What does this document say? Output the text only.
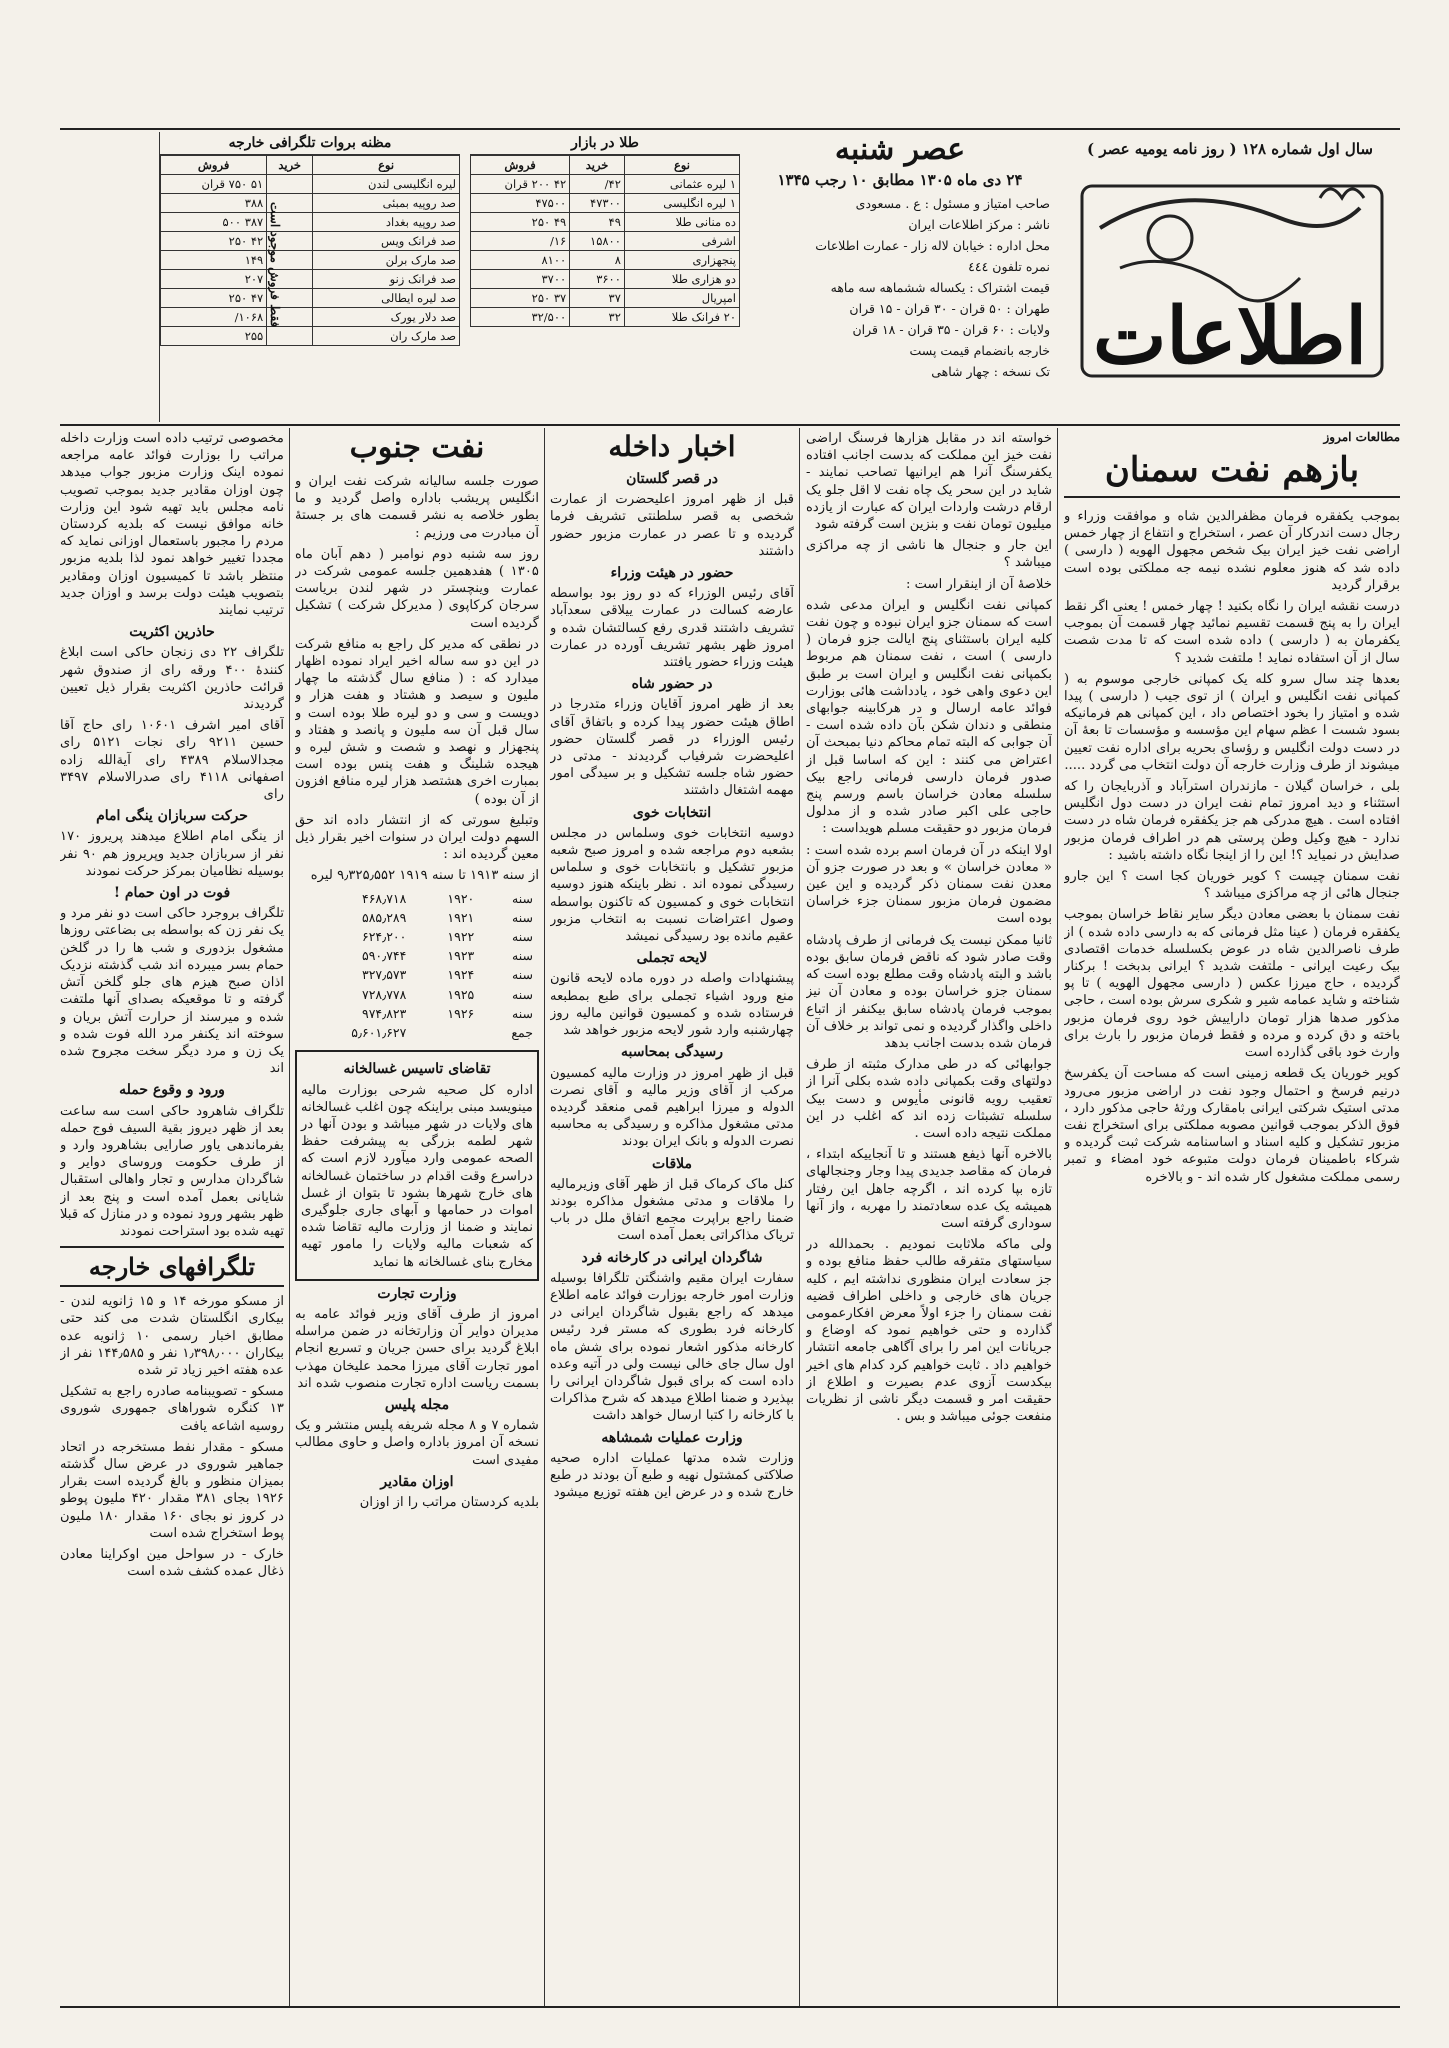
سال اول شماره ۱۲۸ ( روز نامه یومیه عصر )
اطلاعات
عصر شنبه
۲۴ دی ماه ۱۳۰۵ مطابق ۱۰ رجب ۱۳۴۵
صاحب امتیاز و مسئول : ع . مسعودی
ناشر : مرکز اطلاعات ایران
محل اداره : خیابان لاله زار - عمارت اطلاعات
نمره تلفون ٤٤٤
قیمت اشتراک : یکساله ششماهه سه ماهه
طهران : ۵۰ قران - ۳۰ قران - ۱۵ قران
ولایات : ۶۰ قران - ۳۵ قران - ۱۸ قران
خارجه بانضمام قیمت پست
تک نسخه : چهار شاهی
طلا در بازار
نوع	خرید	فروش
۱ لیره عثمانی	۴۲/	۴۲ ۲۰۰ قران
۱ لیره انگلیسی	۴۷۳۰۰	۴۷۵۰۰
ده منانی طلا	۴۹	۴۹ ۲۵۰
اشرفی	۱۵۸۰۰	۱۶/
پنجهزاری	۸	۸۱۰۰
دو هزاری طلا	۳۶۰۰	۳۷۰۰
امپریال	۳۷	۳۷ ۲۵۰
۲۰ فرانک طلا	۳۲	۳۲/۵۰۰
مظنه بروات تلگرافی خارجه
نوع	خرید	فروش
لیره انگلیسی لندن		۵۱ ۷۵۰ قران
صد روپیه بمبئی		۳۸۸
صد روپیه بغداد		۳۸۷ ۵۰۰
صد فرانک ویس		۴۲ ۲۵۰
صد مارک برلن		۱۴۹
صد فرانک زنو		۲۰۷
صد لیره ایطالی		۴۷ ۲۵۰
صد دلار یورک		۱۰۶۸/
صد مارک ران		۲۵۵
فقط فروش موجود است
مطالعات امروز
بازهم نفت سمنان

بموجب یکفقره فرمان مظفرالدین شاه و موافقت وزراء و رجال دست اندرکار آن عصر ، استخراج و انتفاع از چهار خمس اراضی نفت خیز ایران بیک شخص مجهول الهویه ( دارسی ) داده شد که هنوز معلوم نشده نیمه جه مملکتی بوده است برقرار گردید

درست نقشه ایران را نگاه بکنید ! چهار خمس ! یعنی اگر نقط ایران را به پنج قسمت تقسیم نمائید چهار قسمت آن بموجب یکفرمان به ( دارسی ) داده شده است که تا مدت شصت سال از آن استفاده نماید ! ملتفت شدید ؟

بعدها چند سال سرو کله یک کمپانی خارجی موسوم به ( کمپانی نفت انگلیس و ایران ) از توی جیب ( دارسی ) پیدا شده و امتیاز را بخود اختصاص داد ، این کمپانی هم فرمانیکه بسود شست ا عظم سهام این مؤسسه و مؤسسات تا بعهٔ آن در دست دولت انگلیس و رؤسای بحریه برای اداره نفت تعیین میشوند از طرف وزارت خارجه آن دولت انتخاب می گردد .....

بلی ، خراسان گیلان - مازندران استرآباد و آذربایجان را که استثناء و دید امروز تمام نفت ایران در دست دول انگلیس افتاده است . هیچ مدرکی هم جز یکفقره فرمان شاه در دست ندارد - هیچ وکیل وطن پرستی هم در اطراف فرمان مزبور صدایش در نمیاید ؟! این را از اینجا نگاه داشته باشید :

نفت سمنان چیست ؟ کویر خوریان کجا است ؟ این جارو جنجال هائی از چه مراکزی میباشد ؟

نفت سمنان با بعضی معادن دیگر سایر نقاط خراسان بموجب یکفقره فرمان ( عینا مثل فرمانی که به دارسی داده شده ) از طرف ناصرالدین شاه در عوض بکسلسله خدمات اقتصادی بیک رعیت ایرانی - ملتفت شدید ؟ ایرانی بدبخت ! برکنار گردیده ، حاج میرزا عکس ( دارسی مجهول الهویه ) تا پو شناخته و شاید عمامه شیر و شکری سرش بوده است ، حاجی مذکور صدها هزار تومان داراییش خود روی فرمان مزبور باخته و دق کرده و مرده و فقط فرمان مزبور را بارث برای وارث خود باقی گذارده است

کویر خوریان یک قطعه زمینی است که مساحت آن یکفرسخ درنیم فرسخ و احتمال وجود نفت در اراضی مزبور می‌رود مدتی استیک شرکتی ایرانی بامقارک ورثهٔ حاجی مذکور دارد ، فوق الذکر بموجب قوانین مصوبه مملکتی برای استخراج نفت مزبور تشکیل و کلیه اسناد و اساسنامه شرکت ثبت گردیده و شرکاء باطمینان فرمان دولت متبوعه خود امضاء و تمبر رسمی مملکت مشغول کار شده اند - و بالاخره

خواسته اند در مقابل هزارها فرسنگ اراضی نفت خیز این مملکت که بدست اجانب افتاده یکفرسنگ آنرا هم ایرانیها تصاحب نمایند - شاید در این سحر یک چاه نفت لا اقل جلو یک ارقام درشت واردات ایران که عبارت از یازده میلیون تومان نفت و بنزین است گرفته شود

این جار و جنجال ها ناشی از چه مراکزی میباشد ؟

خلاصهٔ آن از اینقرار است :

کمپانی نفت انگلیس و ایران مدعی شده است که سمنان جزو ایران نبوده و چون نفت کلیه ایران باستثنای پنج ایالت جزو فرمان ( دارسی ) است ، نفت سمنان هم مربوط بکمپانی نفت انگلیس و ایران است بر طبق این دعوی واهی خود ، یادداشت هائی بوزارت فوائد عامه ارسال و در هرکابینه جوابهای منطقی و دندان شکن بآن داده شده است - آن جوابی که البته تمام محاکم دنیا بمبحث آن اعتراض می کنند : این که اساسا قبل از صدور فرمان دارسی فرمانی راجع بیک سلسله معادن خراسان باسم ورسم پنج حاجی علی اکبر صادر شده و از مدلول فرمان مزبور دو حقیقت مسلم هویداست :

اولا اینکه در آن فرمان اسم برده شده است : « معادن خراسان » و بعد در صورت جزو آن معدن نفت سمنان ذکر گردیده و این عین مضمون فرمان مزبور سمنان جزء خراسان بوده است

ثانیا ممکن نیست یک فرمانی از طرف پادشاه وقت صادر شود که ناقض فرمان سابق بوده باشد و البته پادشاه وقت مطلع بوده است که سمنان جزو خراسان بوده و معادن آن نیز بموجب فرمان پادشاه سابق بیکنفر از اتباع داخلی واگذار گردیده و نمی تواند بر خلاف آن فرمان شده بدست اجانب بدهد

جوابهائی که در طی مدارک مثبته از طرف دولتهای وقت بکمپانی داده شده بکلی آنرا از تعقیب رویه قانونی مأیوس و دست بیک سلسله تشبثات زده اند که اغلب در این مملکت نتیجه داده است .

بالاخره آنها ذیفع هستند و تا آنجاییکه ابتداء ، فرمان که مقاصد جدیدی پیدا وجار وجنجالهای تازه بپا کرده اند ، اگرچه جاهل این رفتار همیشه یک عده سعادتمند را مهربه ، واز آنها سوداری گرفته است

ولی ماکه ملاثابت نمودیم . بحمدالله در سیاستهای متفرقه طالب حفظ منافع بوده و جز سعادت ایران منظوری نداشته ایم ، کلیه جریان های خارجی و داخلی اطراف قضیه نفت سمنان را جزء اولاً معرض افکارعمومی گذارده و حتی خواهیم نمود که اوضاع و جریانات این امر را برای آگاهی جامعه انتشار خواهیم داد . ثابت خواهیم کرد کدام های اخیر بیکدست آزوی عدم بصیرت و اطلاع از حقیقت امر و قسمت دیگر ناشی از نظریات منفعت جوئی میباشد و بس .

اخبار داخله
در قصر گلستان

قبل از ظهر امروز اعلیحضرت از عمارت شخصی به قصر سلطنتی تشریف فرما گردیده و تا عصر در عمارت مزبور حضور داشتند

حضور در هیئت وزراء

آقای رئیس الوزراء که دو روز بود بواسطه عارضه کسالت در عمارت ییلاقی سعدآباد تشریف داشتند قدری رفع کسالتشان شده و امروز ظهر بشهر تشریف آورده در عمارت هیئت وزراء حضور یافتند

در حضور شاه

بعد از ظهر امروز آقایان وزراء متدرجا در اطاق هیئت حضور پیدا کرده و باتفاق آقای رئیس الوزراء در قصر گلستان حضور اعلیحضرت شرفیاب گردیدند - مدتی در حضور شاه جلسه تشکیل و بر سیدگی امور مهمه اشتغال داشتند

انتخابات خوی

دوسیه انتخابات خوی وسلماس در مجلس بشعبه دوم مراجعه شده و امروز صبح شعبه مزبور تشکیل و بانتخابات خوی و سلماس رسیدگی نموده اند . نظر باینکه هنوز دوسیه انتخابات خوی و کمسیون که تاکنون بواسطه وصول اعتراضات نسبت به انتخاب مزبور عقیم مانده بود رسیدگی نمیشد

لایحه تجملی

پیشنهادات واصله در دوره ماده لایحه قانون منع ورود اشیاء تجملی برای طبع بمطبعه فرستاده شده و کمسیون قوانین مالیه روز چهارشنبه وارد شور لایحه مزبور خواهد شد

رسیدگی بمحاسبه

قبل از ظهر امروز در وزارت مالیه کمسیون مرکب از آقای وزیر مالیه و آقای نصرت الدوله و میرزا ابراهیم قمی منعقد گردیده مدتی مشغول مذاکره و رسیدگی به محاسبه نصرت الدوله و بانک ایران بودند

ملاقات

کنل ماک کرماک قبل از ظهر آقای وزیرمالیه را ملاقات و مدتی مشغول مذاکره بودند ضمنا راجع براپرت مجمع اتفاق ملل در باب تریاک مذاکراتی بعمل آمده است

شاگردان ایرانی در کارخانه فرد

سفارت ایران مقیم واشنگتن تلگرافا بوسیله وزارت امور خارجه بوزارت فوائد عامه اطلاع میدهد که راجع بقبول شاگردان ایرانی در کارخانه فرد بطوری که مستر فرد رئیس کارخانه مذکور اشعار نموده برای شش ماه اول سال جای خالی نیست ولی در آتیه وعده داده است که برای قبول شاگردان ایرانی را بپذیرد و ضمنا اطلاع میدهد که شرح مذاکرات با کارخانه را کتبا ارسال خواهد داشت

وزارت عملیات شمشاهه

وزارت شده مدتها عملیات اداره صحیه صلاکتی کمشتول نهیه و طبع آن بودند در طبع خارج شده و در عرض این هفته توزیع میشود

نفت جنوب

صورت جلسه سالیانه شرکت نفت ایران و انگلیس پریشب باداره واصل گردید و ما بطور خلاصه به نشر قسمت های بر جستهٔ آن مبادرت می ورزیم :

روز سه شنبه دوم نوامبر ( دهم آبان ماه ۱۳۰۵ ) هفدهمین جلسه عمومی شرکت در عمارت وینچستر در شهر لندن بریاست سرجان کرکاپوی ( مدیرکل شرکت ) تشکیل گردیده است

در نطقی که مدیر کل راجع به منافع شرکت در این دو سه ساله اخیر ایراد نموده اظهار میدارد که : ( منافع سال گذشته ما چهار ملیون و سیصد و هشتاد و هفت هزار و دویست و سی و دو لیره طلا بوده است و سال قبل آن سه ملیون و پانصد و هفتاد و پنجهزار و نهصد و شصت و شش لیره و هیجده شلینگ و هفت پنس بوده است بمبارت اخری هشتصد هزار لیره منافع افزون از آن بوده )

وتبلیغ سورتی که از انتشار داده اند حق السهم دولت ایران در سنوات اخیر بقرار ذیل معین گردیده اند :

از سنه ۱۹۱۳ تا سنه ۱۹۱۹ ۹٫۳۲۵٫۵۵۲ لیره

سنه	۱۹۲۰	۴۶۸٫۷۱۸
سنه	۱۹۲۱	۵۸۵٫۲۸۹
سنه	۱۹۲۲	۶۲۴٫۲۰۰
سنه	۱۹۲۳	۵۹۰٫۷۴۴
سنه	۱۹۲۴	۳۲۷٫۵۷۳
سنه	۱۹۲۵	۷۲۸٫۷۷۸
سنه	۱۹۲۶	۹۷۴٫۸۲۳
جمع		۵٫۶۰۱٫۶۲۷
تقاضای تاسیس غسالخانه

اداره کل صحیه شرحی بوزارت مالیه مینویسد مبنی براینکه چون اغلب غسالخانه های ولایات در شهر میباشد و بودن آنها در شهر لطمه بزرگی به پیشرفت حفظ الصحه عمومی وارد میآورد لازم است که دراسرع وقت اقدام در ساختمان غسالخانه های خارج شهرها بشود تا بتوان از غسل اموات در حمامها و آبهای جاری جلوگیری نمایند و ضمنا از وزارت مالیه تقاضا شده که شعبات مالیه ولایات را مامور تهیه مخارج بنای غسالخانه ها نماید

وزارت تجارت

امروز از طرف آقای وزیر فوائد عامه به مدیران دوایر آن وزارتخانه در ضمن مراسله ابلاغ گردید برای حسن جریان و تسریع انجام امور تجارت آقای میرزا محمد علیخان مهذب بسمت ریاست اداره تجارت منصوب شده اند

مجله پلیس

شماره ۷ و ۸ مجله شریفه پلیس منتشر و یک نسخه آن امروز باداره واصل و حاوی مطالب مفیدی است

اوزان مقادیر

بلدیه کردستان مراتب را از اوزان

مخصوصی ترتیب داده است وزارت داخله مراتب را بوزارت فوائد عامه مراجعه نموده اینک وزارت مزبور جواب میدهد چون اوزان مقادیر جدید بموجب تصویب نامه مجلس باید تهیه شود این وزارت خانه موافق نیست که بلدیه کردستان مردم را مجبور باستعمال اوزانی نماید که مجددا تغییر خواهد نمود لذا بلدیه مزبور منتظر باشد تا کمیسیون اوزان ومقادیر بتصویب هیئت دولت برسد و اوزان جدید ترتیب نمایند

حاذرین اکثریت

تلگراف ۲۲ دی زنجان حاکی است ابلاغ کنندهٔ ۴۰۰ ورقه رای از صندوق شهر قرائت حاذرین اکثریت بقرار ذیل تعیین گردیدند

آقای امیر اشرف ۱۰۶۰۱ رای حاج آقا حسین ۹۲۱۱ رای نجات ۵۱۲۱ رای مجدالاسلام ۴۳۸۹ رای آیةالله زاده اصفهانی ۴۱۱۸ رای صدرالاسلام ۳۴۹۷ رای

حرکت سربازان ینگی امام

از ینگی امام اطلاع میدهند پریروز ۱۷۰ نفر از سربازان جدید وپریروز هم ۹۰ نفر بوسیله نظامیان بمرکز حرکت نمودند

فوت در اون حمام !

تلگراف بروجرد حاکی است دو نفر مرد و یک نفر زن که بواسطه بی بضاعتی روزها مشغول بزدوری و شب ها را در گلخن حمام بسر میبرده اند شب گذشته نزدیک اذان صبح هیزم های جلو گلخن آتش گرفته و تا موقعیکه بصدای آنها ملتفت شده و میرسند از حرارت آتش بریان و سوخته اند یکنفر مرد الله فوت شده و یک زن و مرد دیگر سخت مجروح شده اند

ورود و وقوع حمله

تلگراف شاهرود حاکی است سه ساعت بعد از ظهر دیروز بقیة السیف فوج حمله بفرماندهی یاور صارایی بشاهرود وارد و از طرف حکومت وروسای دوایر و شاگردان مدارس و تجار واهالی استقبال شایانی بعمل آمده است و پنج بعد از ظهر بشهر ورود نموده و در منازل که قبلا تهیه شده بود استراحت نمودند

تلگرافهای خارجه

از مسکو مورخه ۱۴ و ۱۵ ژانویه لندن - بیکاری انگلستان شدت می کند حتی مطابق اخبار رسمی ۱۰ ژانویه عده بیکاران ۱٫۳۹۸٫۰۰۰ نفر و ۱۴۴٫۵۸۵ نفر از عده هفته اخیر زیاد تر شده

مسکو - تصویبنامه صادره راجع به تشکیل ۱۳ کنگره شوراهای جمهوری شوروی روسیه اشاعه یافت

مسکو - مقدار نفط مستخرجه در اتحاد جماهیر شوروی در عرض سال گذشته بمیزان منظور و بالغ گردیده است بقرار ۱۹۲۶ بجای ۳۸۱ مقدار ۴۲۰ ملیون پوطو در کروز نو بجای ۱۶۰ مقدار ۱۸۰ ملیون پوط استخراج شده است

خارک - در سواحل مین اوکراینا معادن ذغال عمده کشف شده است
